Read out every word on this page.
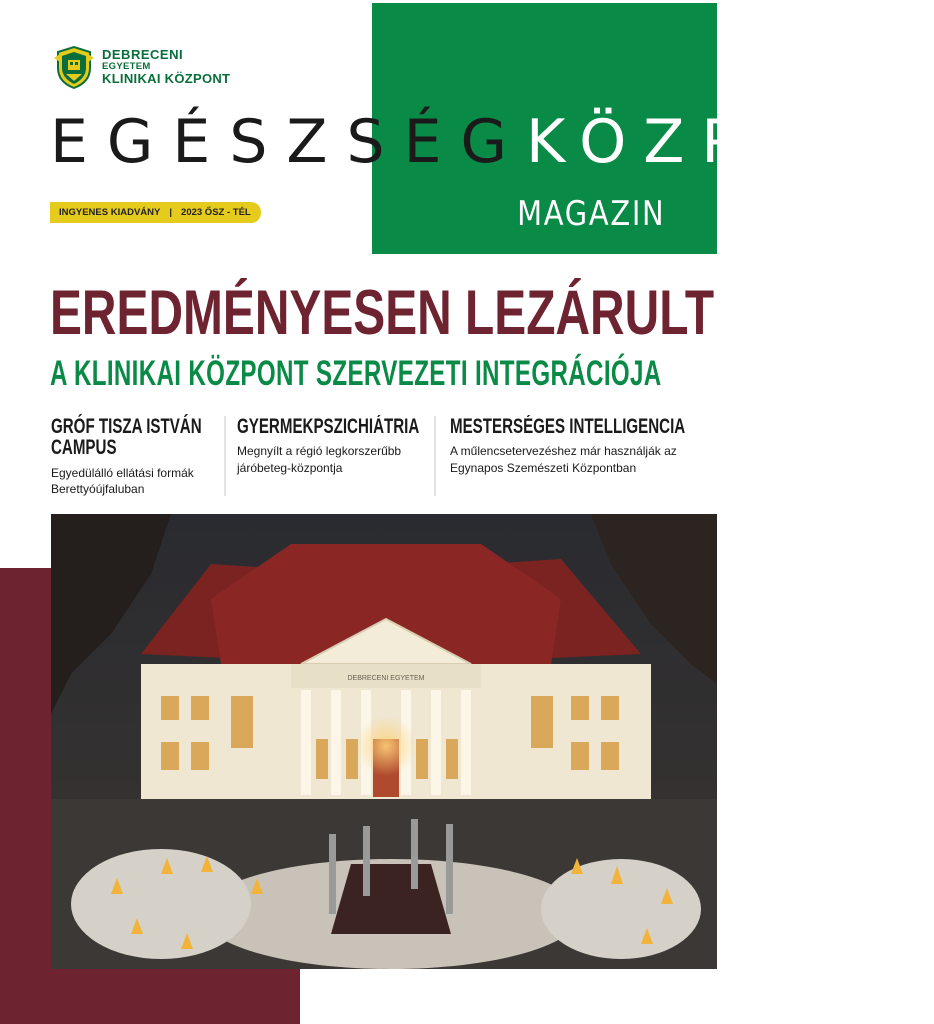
DEBRECENI
EGYETEM
KLINIKAI KÖZPONT
EGÉSZSÉG KÖZPONT
MAGAZIN
INGYENES KIADVÁNY | 2023 ŐSZ - TÉL
EREDMÉNYESEN LEZÁRULT
A KLINIKAI KÖZPONT SZERVEZETI INTEGRÁCIÓJA
GRÓF TISZA ISTVÁN
CAMPUS
Egyedülálló ellátási formák Berettyóújfaluban
GYERMEKPSZICHIÁTRIA
Megnyílt a régió legkorszerűbb járóbeteg-központja
MESTERSÉGES INTELLIGENCIA
A műlencsetervezéshez már használják az Egynapos Szemészeti Központban
DEBRECENI EGYETEM
